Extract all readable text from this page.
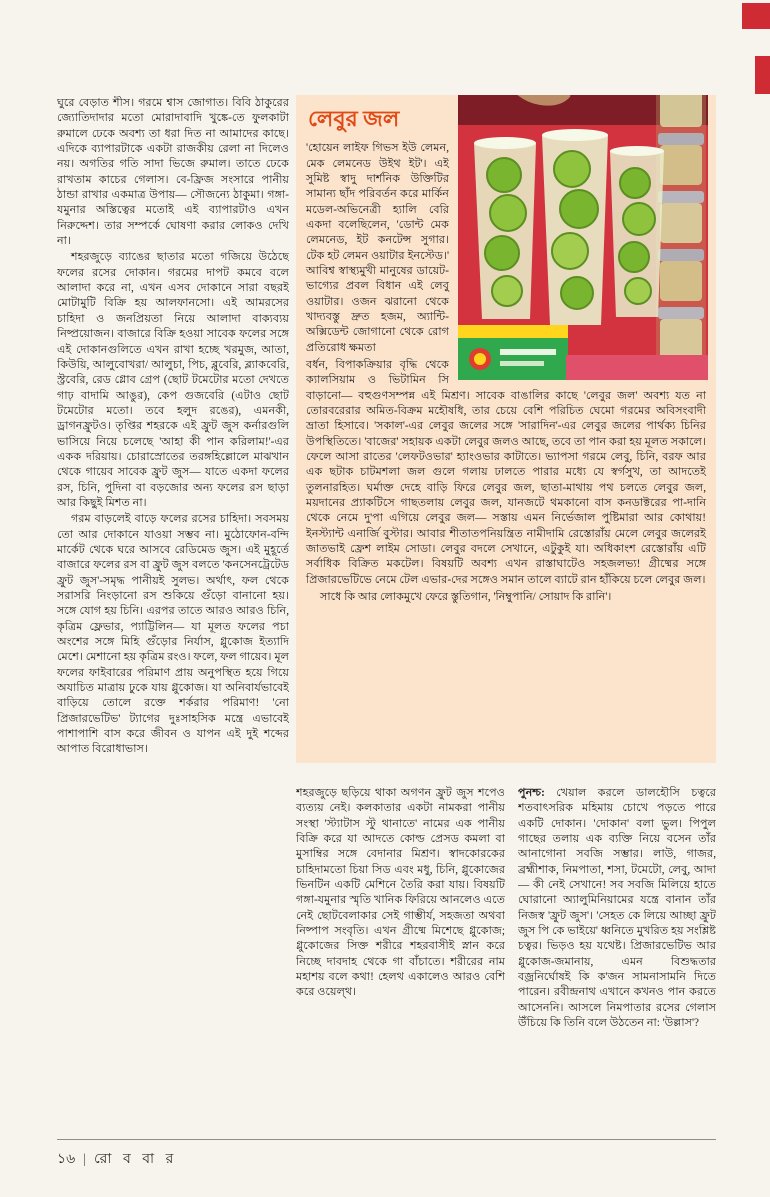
ঘুরে বেড়াত শীস। গরমে শ্বাস জোগাত। বিবি ঠাকুরের জ্যোতিদাদার মতো মোরাদাবাদি খুঙ্কে-তে ফুলকাটা রুমালে ঢেকে অবশ্য তা ধরা দিত না আমাদের কাছে। এদিকে ব্যাপারটাকে একটা রাজকীয় রেলা না দিলেও নয়। অগতির গতি সাদা ভিজে রুমাল। তাতে ঢেকে রাখতাম কাচের গেলাস। বে-ফ্রিজ সংসারে পানীয় ঠান্ডা রাখার একমাত্র উপায়— সৌজন্যে ঠাকুমা। গঙ্গা-যমুনার অস্তিত্বের মতোই এই ব্যাপারটাও এখন নিরুদ্দেশ। তার সম্পর্কে ঘোষণা করার লোকও দেখি না।

শহরজুড়ে ব্যাঙের ছাতার মতো গজিয়ে উঠেছে ফলের রসের দোকান। গরমের দাপট কমবে বলে আলাদা করে না, এখন এসব দোকানে সারা বছরই মোটামুটি বিক্রি হয় আলফানসো। এই আমরসের চাহিদা ও জনপ্রিয়তা নিয়ে আলাদা বাক্যব্যয় নিষ্প্রয়োজন। বাজারে বিক্রি হওয়া সাবেক ফলের সঙ্গে এই দোকানগুলিতে এখন রাখা হচ্ছে খরমুজ, আতা, কিউয়ি, আলুবোখরা/ আলুচা, পিচ, ব্লুবেরি, ব্ল্যাকবেরি, স্ট্রবেরি, রেড গ্লোব গ্রেপ (ছোট টমেটোর মতো দেখতে গাঢ় বাদামি আঙুর), কেপ গুজবেরি (এটাও ছোট টমেটোর মতো। তবে হলুদ রঙের), এমনকী, ড্রাগনফ্রুটও। তৃপ্তির শহরকে এই ফ্রুট জুস কর্নারগুলি ভাসিয়ে নিয়ে চলেছে 'আহা কী পান করিলাম!'-এর একক দরিয়ায়। চোরাস্রোতের তরঙ্গহিল্লোলে মাঝখান থেকে গায়েব সাবেক ফ্রুট জুস— যাতে একদা ফলের রস, চিনি, পুদিনা বা বড়জোর অন্য ফলের রস ছাড়া আর কিছুই মিশত না।

গরম বাড়লেই বাড়ে ফলের রসের চাহিদা। সবসময় তো আর দোকানে যাওয়া সম্ভব না। মুঠোফোন-বন্দি মার্কেট থেকে ঘরে আসবে রেডিমেড জুস। এই মুহূর্তে বাজারে ফলের রস বা ফ্রুট জুস বলতে 'কনসেনট্রেটেড ফ্রুট জুস'-সমৃদ্ধ পানীয়ই সুলভ। অর্থাৎ, ফল থেকে সরাসরি নিংড়ানো রস শুকিয়ে গুঁড়ো বানানো হয়। সঙ্গে যোগ হয় চিনি। এরপর তাতে আরও আরও চিনি, কৃত্রিম ফ্লেভার, প্যাট্টিলিন— যা মূলত ফলের পচা অংশের সঙ্গে মিহি গুঁড়োর নির্যাস, গ্লুকোজ ইত্যাদি মেশে। মেশানো হয় কৃত্রিম রংও। ফলে, ফল গায়েব। মূল ফলের ফাইবারের পরিমাণ প্রায় অনুপস্থিত হয়ে গিয়ে অযাচিত মাত্রায় ঢুকে যায় গ্লুকোজ। যা অনিবার্যভাবেই বাড়িয়ে তোলে রক্তে শর্করার পরিমাণ! 'নো প্রিজারভেটিভ' ট্যাগের দুঃসাহসিক মন্ত্রে এভাবেই পাশাপাশি বাস করে জীবন ও যাপন এই দুই শব্দের আপাত বিরোধাভাস।

লেবুর জল

'হোয়েন লাইফ গিভস ইউ লেমন, মেক লেমনেড উইথ ইট'। এই সুমিষ্ট স্বাদু দার্শনিক উক্তিটির সামান্য ছাঁদ পরিবর্তন করে মার্কিন মডেল-অভিনেত্রী হ্যালি বেরি একদা বলেছিলেন, 'ডোন্ট মেক লেমনেড, ইট কনটেন্স সুগার। টেক হট লেমন ওয়াটার ইনস্টেড।' আবিশ্ব স্বাস্থ্যমুখী মানুষের ডায়েট-ভাগ্যের প্রবল বিধান এই লেবু ওয়াটার। ওজন ঝরানো থেকে খাদ্যবস্তু দ্রুত হজম, অ্যান্টি-অক্সিডেন্ট জোগানো থেকে রোগ প্রতিরোধ ক্ষমতা

বর্ধন, বিপাকক্রিয়ার বৃদ্ধি থেকে ক্যালসিয়াম ও ভিটামিন সি বাড়ানো— বহুগুণসম্পন্ন এই মিশ্রণ। সাবেক বাঙালির কাছে 'লেবুর জল' অবশ্য যত না তোরবরেরার অমিত-বিক্রম মহৌষধি, তার চেয়ে বেশি পরিচিত ঘেমো গরমের অবিসংবাদী ভ্রাতা হিসাবে। 'সকাল'-এর লেবুর জলের সঙ্গে 'সারাদিন'-এর লেবুর জলের পার্থক্য চিনির উপস্থিতিতে। 'বাজের' সহায়ক একটা লেবুর জলও আছে, তবে তা পান করা হয় মূলত সকালে। ফেলে আসা রাতের 'লেফটওভার' হ্যাংওভার কাটাতে। ভ্যাপসা গরমে লেবু, চিনি, বরফ আর এক ছটাক চাটমশলা জল গুলে গলায় ঢালতে পারার মধ্যে যে স্বর্গসুখ, তা আদতেই তুলনারহিত। ঘর্মাক্ত দেহে বাড়ি ফিরে লেবুর জল, ছাতা-মাথায় পথ চলতে লেবুর জল, ময়দানের প্র্যাকটিসে গাছতলায় লেবুর জল, যানজটে থমকানো বাস কনডাক্টরের পা-দানি থেকে নেমে দু'পা এগিয়ে লেবুর জল— সস্তায় এমন নির্ভেজাল পুষ্টিমারা আর কোথায়! ইনস্ট্যান্ট এনার্জি বুস্টার। আবার শীতাতপনিয়ন্ত্রিত নামীদামি রেস্তোরাঁয় মেলে লেবুর জলেরই জাতভাই ফ্রেশ লাইম সোডা। লেবুর বদলে সেখানে, এটুকুই যা। অধিকাংশ রেস্তোরাঁয় এটি সর্বাধিক বিক্রিত মকটেল। বিষয়টি অবশ্য এখন রাস্তাঘাটেও সহজলভ্য! গ্রীষ্মের সঙ্গে প্রিজারভেটিভে নেমে টেল এভার-দের সঙ্গেও সমান তালে ব্যাটে রান হাঁকিয়ে চলে লেবুর জল।

সাধে কি আর লোকমুখে ফেরে স্তুতিগান, 'নিম্বুপানি/ সোয়াদ কি রানি'।

শহরজুড়ে ছড়িয়ে থাকা অগণন ফ্রুট জুস শপেও ব্যত্যয় নেই। কলকাতার একটা নামকরা পানীয় সংস্থা 'স্ট্যাটাস স্টু থানাতে' নামের এক পানীয় বিক্রি করে যা আদতে কোল্ড প্রেসড কমলা বা মুসাম্বির সঙ্গে বেদানার মিশ্রণ। স্বাদকোরকের চাহিদামতো চিয়া সিড এবং মধু, চিনি, গ্লুকোজের ভিনটিন একটি মেশিনে তৈরি করা যায়। বিষয়টি গঙ্গা-যমুনার স্মৃতি খানিক ফিরিয়ে আনলেও এতে নেই ছোটবেলাকার সেই গাম্ভীর্য, সহজতা অথবা নিষ্পাপ সংবৃতি। এখন গ্রীষ্মে মিশেছে গ্লুকোজ; গ্লুকোজের সিক্ত শরীরে শহরবাসীই স্নান করে নিচ্ছে দাবদাহ থেকে গা বাঁচাতে। শরীরের নাম মহাশয় বলে কথা! হেলথ একালেও আরও বেশি করে ওয়েল্থ।

পুনশ্চ: খেয়াল করলে ডালহৌসি চত্বরে শতবাৎসরিক মহিমায় চোখে পড়তে পারে একটি দোকান। 'দোকান' বলা ভুল। পিপুল গাছের তলায় এক ব্যক্তি নিয়ে বসেন তাঁর আনাগোনা সবজি সম্ভার। লাউ, গাজর, ব্রহ্মীশাক, নিমপাতা, শসা, টমেটো, লেবু, আদা— কী নেই সেখানে! সব সবজি মিলিয়ে হাতে ঘোরানো অ্যালুমিনিয়ামের যন্ত্রে বানান তাঁর নিজস্ব 'ফ্রুট জুস'। 'সেহত কে লিয়ে আচ্ছা ফ্রুট জুস পি কে ভাইয়ে' ধ্বনিতে মুখরিত হয় সংশ্লিষ্ট চত্বর। ভিড়ও হয় যথেষ্ট। প্রিজারভেটিভ আর গ্লুকোজ-জমানায়, এমন বিশুদ্ধতার বজ্রনির্ঘোষই কি ক'জন সামনাসামনি দিতে পারেন। রবীন্দ্রনাথ এখানে কখনও পান করতে আসেননি। আসলে নিমপাতার রসের গেলাস উঁচিয়ে কি তিনি বলে উঠতেন না: 'উল্লাস'?

১৬ | রো ব বা র
